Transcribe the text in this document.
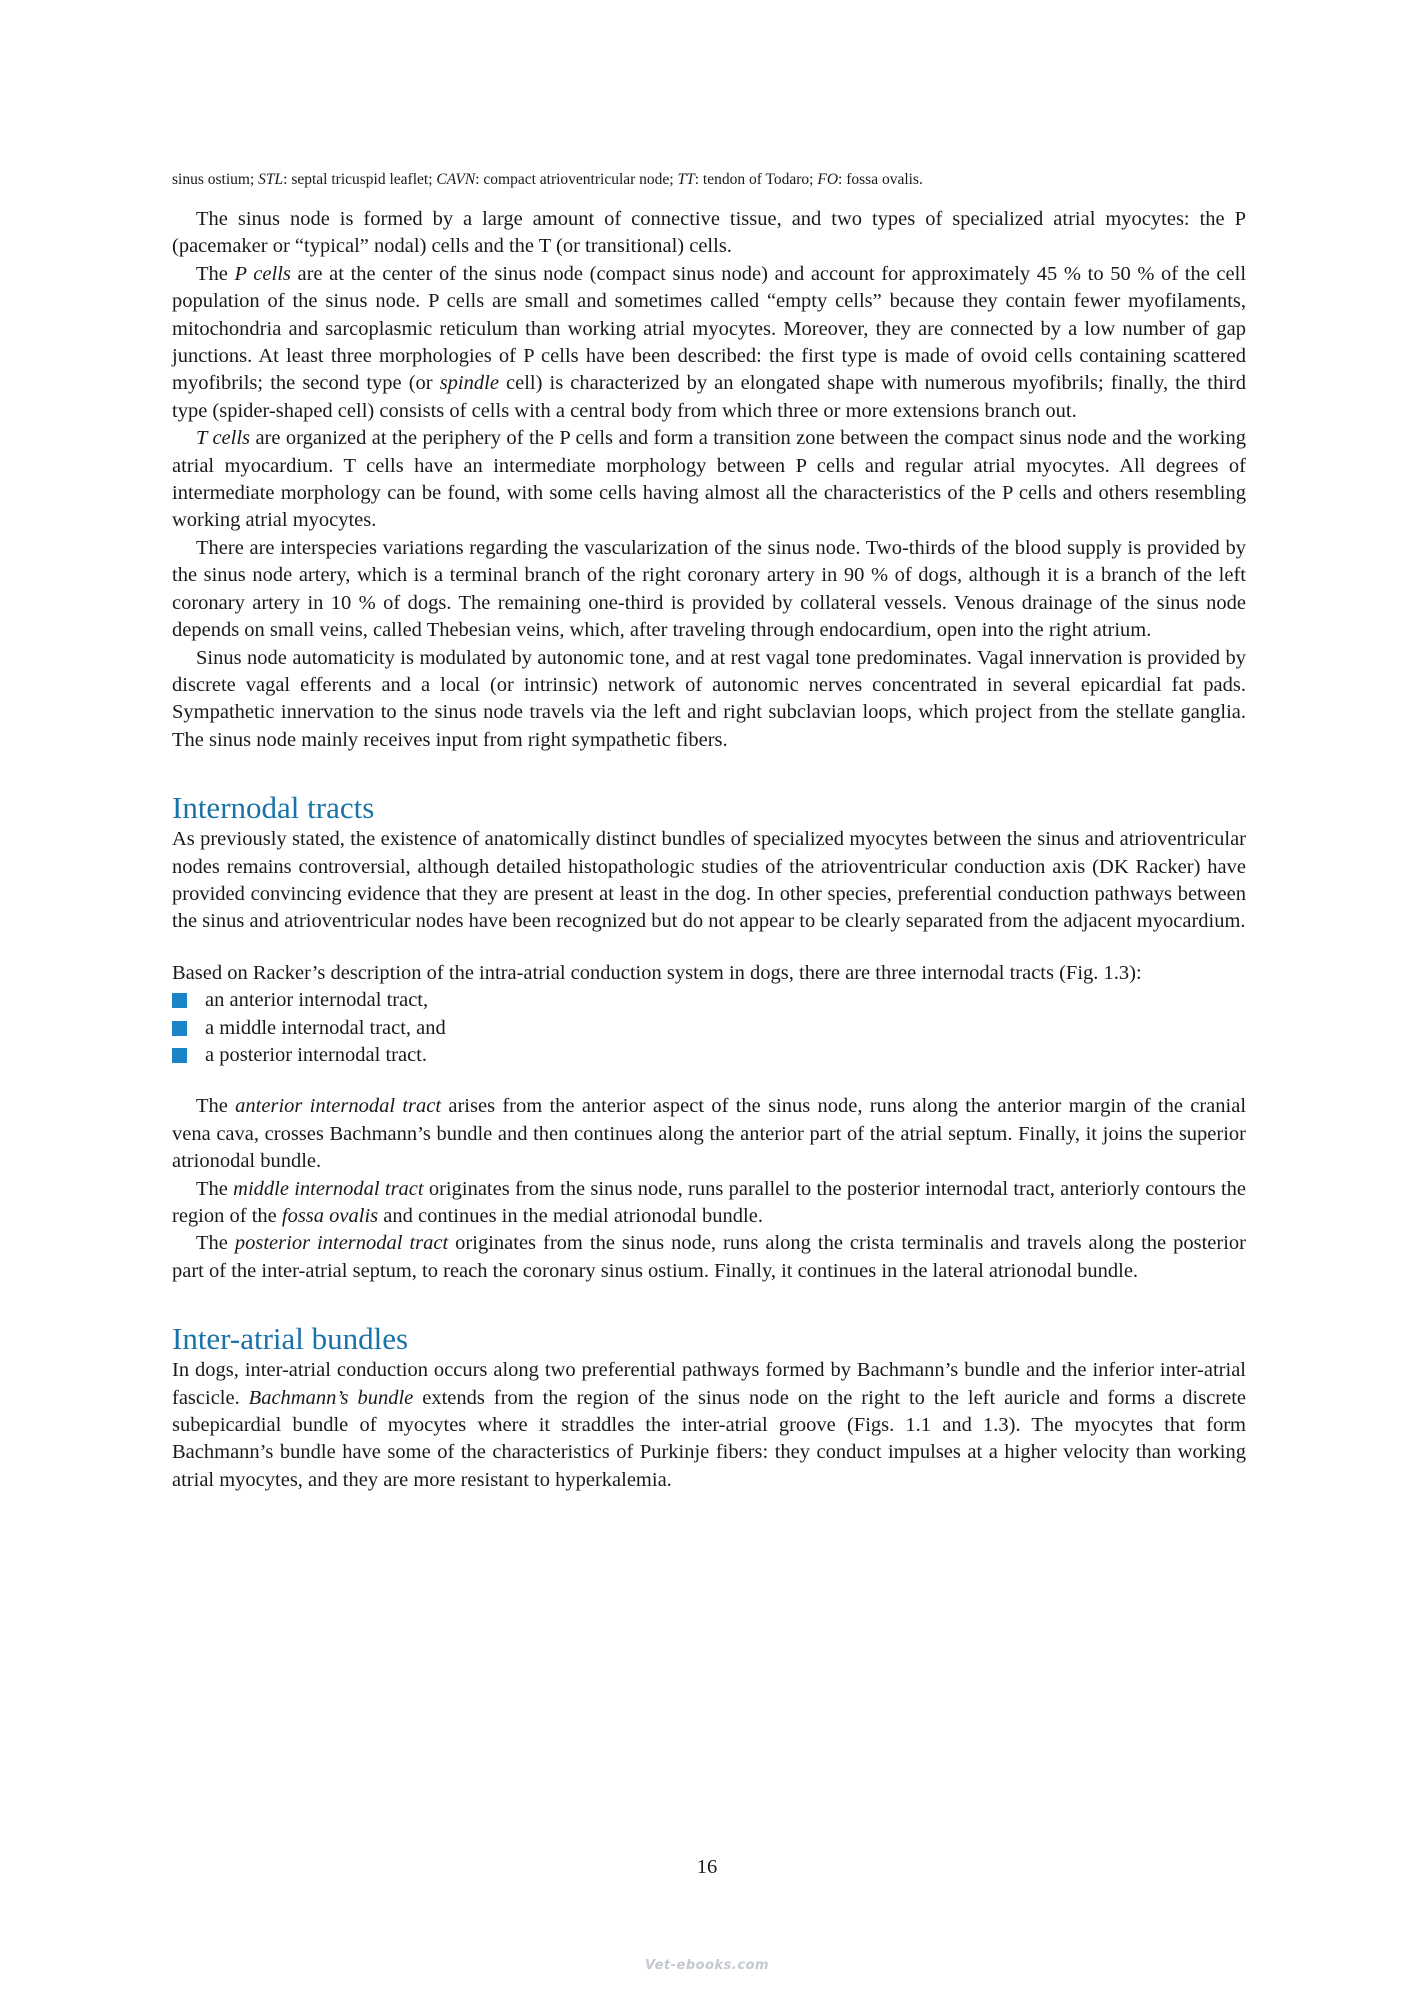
sinus ostium; STL: septal tricuspid leaflet; CAVN: compact atrioventricular node; TT: tendon of Todaro; FO: fossa ovalis.

The sinus node is formed by a large amount of connective tissue, and two types of specialized atrial myocytes: the P (pacemaker or “typical” nodal) cells and the T (or transitional) cells.

The P cells are at the center of the sinus node (compact sinus node) and account for approximately 45 % to 50 % of the cell population of the sinus node. P cells are small and sometimes called “empty cells” because they contain fewer myofilaments, mitochondria and sarcoplasmic reticulum than working atrial myocytes. Moreover, they are connected by a low number of gap junctions. At least three morphologies of P cells have been described: the first type is made of ovoid cells containing scattered myofibrils; the second type (or spindle cell) is characterized by an elongated shape with numerous myofibrils; finally, the third type (spider-shaped cell) consists of cells with a central body from which three or more extensions branch out.

T cells are organized at the periphery of the P cells and form a transition zone between the compact sinus node and the working atrial myocardium. T cells have an intermediate morphology between P cells and regular atrial myocytes. All degrees of intermediate morphology can be found, with some cells having almost all the characteristics of the P cells and others resembling working atrial myocytes.

There are interspecies variations regarding the vascularization of the sinus node. Two-thirds of the blood supply is provided by the sinus node artery, which is a terminal branch of the right coronary artery in 90 % of dogs, although it is a branch of the left coronary artery in 10 % of dogs. The remaining one-third is provided by collateral vessels. Venous drainage of the sinus node depends on small veins, called Thebesian veins, which, after traveling through endocardium, open into the right atrium.

Sinus node automaticity is modulated by autonomic tone, and at rest vagal tone predominates. Vagal innervation is provided by discrete vagal efferents and a local (or intrinsic) network of autonomic nerves concentrated in several epicardial fat pads. Sympathetic innervation to the sinus node travels via the left and right subclavian loops, which project from the stellate ganglia. The sinus node mainly receives input from right sympathetic fibers.

Internodal tracts

As previously stated, the existence of anatomically distinct bundles of specialized myocytes between the sinus and atrioventricular nodes remains controversial, although detailed histopathologic studies of the atrioventricular conduction axis (DK Racker) have provided convincing evidence that they are present at least in the dog. In other species, preferential conduction pathways between the sinus and atrioventricular nodes have been recognized but do not appear to be clearly separated from the adjacent myocardium.

Based on Racker’s description of the intra-atrial conduction system in dogs, there are three internodal tracts (Fig. 1.3):

an anterior internodal tract,
a middle internodal tract, and
a posterior internodal tract.

The anterior internodal tract arises from the anterior aspect of the sinus node, runs along the anterior margin of the cranial vena cava, crosses Bachmann’s bundle and then continues along the anterior part of the atrial septum. Finally, it joins the superior atrionodal bundle.

The middle internodal tract originates from the sinus node, runs parallel to the posterior internodal tract, anteriorly contours the region of the fossa ovalis and continues in the medial atrionodal bundle.

The posterior internodal tract originates from the sinus node, runs along the crista terminalis and travels along the posterior part of the inter-atrial septum, to reach the coronary sinus ostium. Finally, it continues in the lateral atrionodal bundle.

Inter-atrial bundles

In dogs, inter-atrial conduction occurs along two preferential pathways formed by Bachmann’s bundle and the inferior inter-atrial fascicle. Bachmann’s bundle extends from the region of the sinus node on the right to the left auricle and forms a discrete subepicardial bundle of myocytes where it straddles the inter-atrial groove (Figs. 1.1 and 1.3). The myocytes that form Bachmann’s bundle have some of the characteristics of Purkinje fibers: they conduct impulses at a higher velocity than working atrial myocytes, and they are more resistant to hyperkalemia.

16
Vet-ebooks.com
